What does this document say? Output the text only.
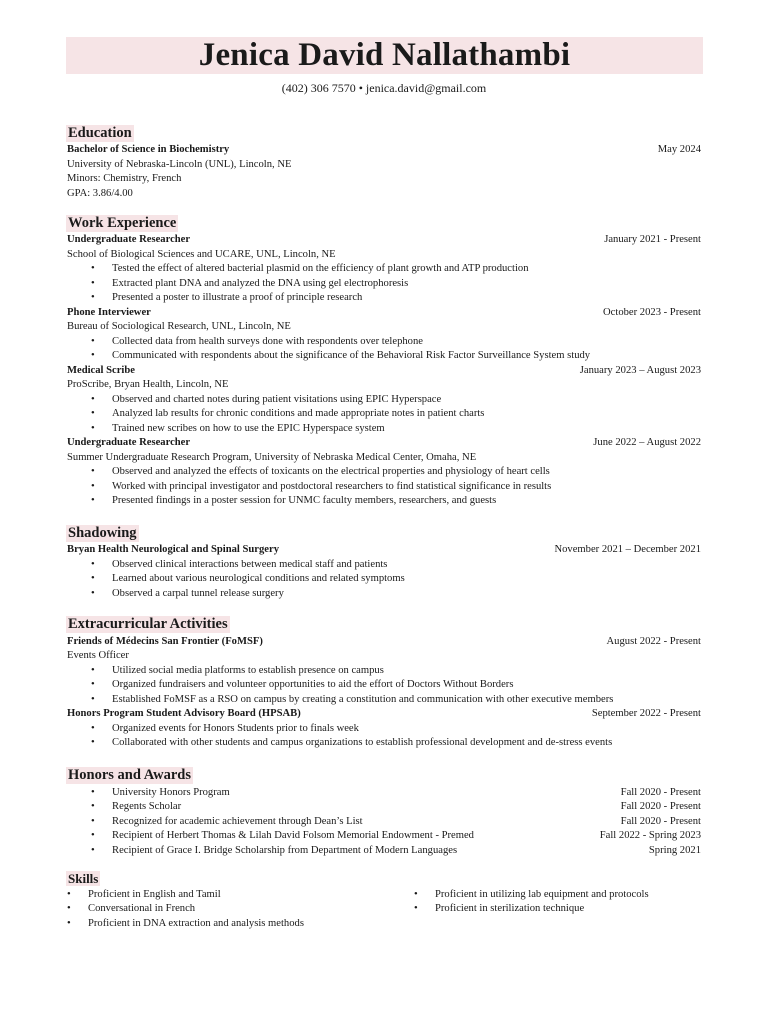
Jenica David Nallathambi
(402) 306 7570 • jenica.david@gmail.com
Education
Bachelor of Science in Biochemistry	May 2024
University of Nebraska-Lincoln (UNL), Lincoln, NE
Minors: Chemistry, French
GPA: 3.86/4.00
Work Experience
Undergraduate Researcher	January 2021 - Present
School of Biological Sciences and UCARE, UNL, Lincoln, NE
• Tested the effect of altered bacterial plasmid on the efficiency of plant growth and ATP production
• Extracted plant DNA and analyzed the DNA using gel electrophoresis
• Presented a poster to illustrate a proof of principle research
Phone Interviewer	October 2023 - Present
Bureau of Sociological Research, UNL, Lincoln, NE
• Collected data from health surveys done with respondents over telephone
• Communicated with respondents about the significance of the Behavioral Risk Factor Surveillance System study
Medical Scribe	January 2023 – August 2023
ProScribe, Bryan Health, Lincoln, NE
• Observed and charted notes during patient visitations using EPIC Hyperspace
• Analyzed lab results for chronic conditions and made appropriate notes in patient charts
• Trained new scribes on how to use the EPIC Hyperspace system
Undergraduate Researcher	June 2022 – August 2022
Summer Undergraduate Research Program, University of Nebraska Medical Center, Omaha, NE
• Observed and analyzed the effects of toxicants on the electrical properties and physiology of heart cells
• Worked with principal investigator and postdoctoral researchers to find statistical significance in results
• Presented findings in a poster session for UNMC faculty members, researchers, and guests
Shadowing
Bryan Health Neurological and Spinal Surgery	November 2021 – December 2021
• Observed clinical interactions between medical staff and patients
• Learned about various neurological conditions and related symptoms
• Observed a carpal tunnel release surgery
Extracurricular Activities
Friends of Médecins San Frontier (FoMSF)	August 2022 - Present
Events Officer
• Utilized social media platforms to establish presence on campus
• Organized fundraisers and volunteer opportunities to aid the effort of Doctors Without Borders
• Established FoMSF as a RSO on campus by creating a constitution and communication with other executive members
Honors Program Student Advisory Board (HPSAB)	September 2022 - Present
• Organized events for Honors Students prior to finals week
• Collaborated with other students and campus organizations to establish professional development and de-stress events
Honors and Awards
• University Honors Program	Fall 2020 - Present
• Regents Scholar	Fall 2020 - Present
• Recognized for academic achievement through Dean’s List	Fall 2020 - Present
• Recipient of Herbert Thomas & Lilah David Folsom Memorial Endowment - Premed	Fall 2022 - Spring 2023
• Recipient of Grace I. Bridge Scholarship from Department of Modern Languages	Spring 2021
Skills
• Proficient in English and Tamil
• Conversational in French
• Proficient in DNA extraction and analysis methods
• Proficient in utilizing lab equipment and protocols
• Proficient in sterilization technique
